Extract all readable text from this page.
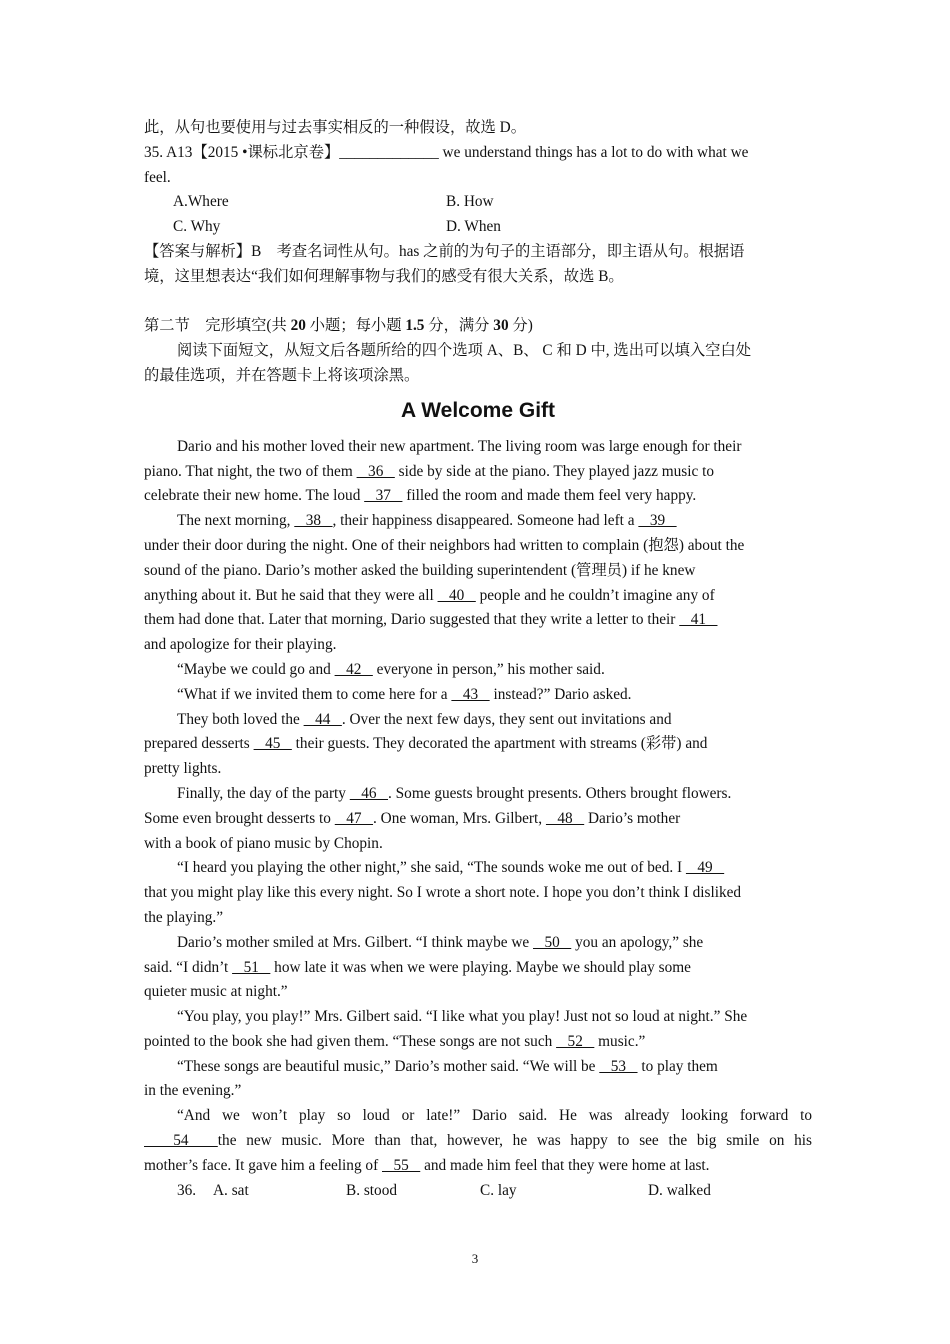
此，从句也要使用与过去事实相反的一种假设，故选 D。
35. A13【2015 •课标北京卷】_____________ we understand things has a lot to do with what we
feel.
A.Where	B. How
C. Why	D. When
【答案与解析】B　考查名词性从句。has 之前的为句子的主语部分，即主语从句。根据语
境，这里想表达“我们如何理解事物与我们的感受有很大关系，故选 B。
第二节　完形填空(共 20 小题；每小题 1.5 分，满分 30 分)
阅读下面短文，从短文后各题所给的四个选项 A、B、 C 和 D 中, 选出可以填入空白处
的最佳选项，并在答题卡上将该项涂黑。
A Welcome Gift
Dario and his mother loved their new apartment. The living room was large enough for their
piano. That night, the two of them    36    side by side at the piano. They played jazz music to
celebrate their new home. The loud    37    filled the room and made them feel very happy.
The next morning,    38   , their happiness disappeared. Someone had left a    39
under their door during the night. One of their neighbors had written to complain (抱怨) about the
sound of the piano. Dario’s mother asked the building superintendent (管理员) if he knew
anything about it. But he said that they were all    40    people and he couldn’t imagine any of
them had done that. Later that morning, Dario suggested that they write a letter to their    41
and apologize for their playing.
“Maybe we could go and    42    everyone in person,” his mother said.
“What if we invited them to come here for a    43    instead?” Dario asked.
They both loved the    44   . Over the next few days, they sent out invitations and
prepared desserts    45    their guests. They decorated the apartment with streams (彩带) and
pretty lights.
Finally, the day of the party    46   . Some guests brought presents. Others brought flowers.
Some even brought desserts to    47   . One woman, Mrs. Gilbert,    48    Dario’s mother
with a book of piano music by Chopin.
“I heard you playing the other night,” she said, “The sounds woke me out of bed. I    49
that you might play like this every night. So I wrote a short note. I hope you don’t think I disliked
the playing.”
Dario’s mother smiled at Mrs. Gilbert. “I think maybe we    50    you an apology,” she
said. “I didn’t    51    how late it was when we were playing. Maybe we should play some
quieter music at night.”
“You play, you play!” Mrs. Gilbert said. “I like what you play! Just not so loud at night.” She
pointed to the book she had given them. “These songs are not such    52    music.”
“These songs are beautiful music,” Dario’s mother said. “We will be    53    to play them
in the evening.”
“And we won’t play so loud or late!” Dario said. He was already looking forward to
54   the new music. More than that, however, he was happy to see the big smile on his
mother’s face. It gave him a feeling of    55    and made him feel that they were home at last.
36.	A. sat	B. stood	C. lay	D. walked
3
